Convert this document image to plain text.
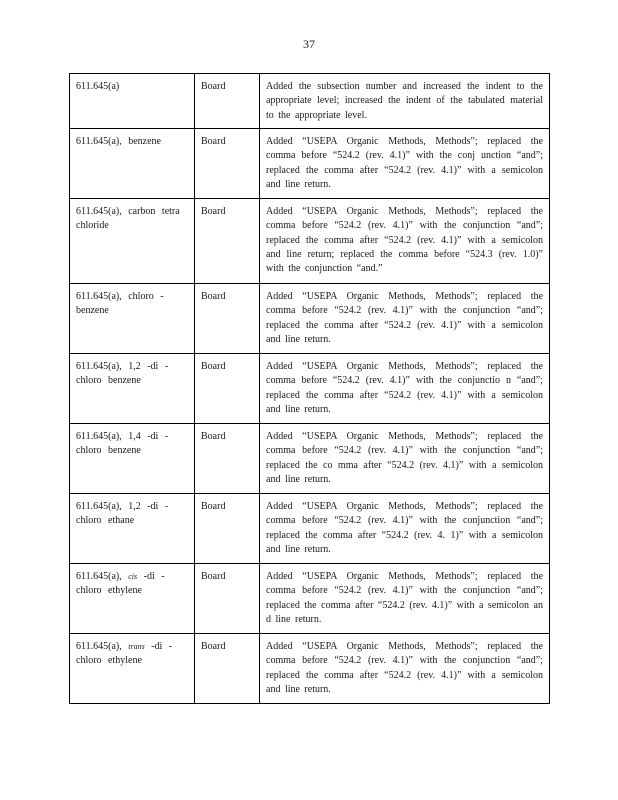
37
611.645(a)	Board	Added the subsection number and increased the indent to the appropriate level; increased the indent of the tabulated material to the appropriate level.
611.645(a), benzene	Board	Added “USEPA Organic Methods, Methods”; replaced the comma before “524.2 (rev. 4.1)” with the conj unction “and”; replaced the comma after “524.2 (rev. 4.1)” with a semicolon and line return.
611.645(a), carbon tetra chloride	Board	Added “USEPA Organic Methods, Methods”; replaced the comma before “524.2 (rev. 4.1)” with the conjunction “and”; replaced the comma after “524.2 (rev. 4.1)” with a semicolon and line return; replaced the comma before “524.3 (rev. 1.0)” with the conjunction “and.”
611.645(a), chloro - benzene	Board	Added “USEPA Organic Methods, Methods”; replaced the comma before “524.2 (rev. 4.1)” with the conjunction “and”; replaced the comma after “524.2 (rev. 4.1)” with a semicolon and line return.
611.645(a), 1,2 -di - chloro benzene	Board	Added “USEPA Organic Methods, Methods”; replaced the comma before “524.2 (rev. 4.1)” with the conjunctio n “and”; replaced the comma after “524.2 (rev. 4.1)” with a semicolon and line return.
611.645(a), 1,4 -di - chloro benzene	Board	Added “USEPA Organic Methods, Methods”; replaced the comma before “524.2 (rev. 4.1)” with the conjunction “and”; replaced the co mma after “524.2 (rev. 4.1)” with a semicolon and line return.
611.645(a), 1,2 -di - chloro ethane	Board	Added “USEPA Organic Methods, Methods”; replaced the comma before “524.2 (rev. 4.1)” with the conjunction “and”; replaced the comma after “524.2 (rev. 4. 1)” with a semicolon and line return.
611.645(a), cis -di - chloro ethylene	Board	Added “USEPA Organic Methods, Methods”; replaced the comma before “524.2 (rev. 4.1)” with the conjunction “and”; replaced the comma after “524.2 (rev. 4.1)” with a semicolon an d line return.
611.645(a), trans -di - chloro ethylene	Board	Added “USEPA Organic Methods, Methods”; replaced the comma before “524.2 (rev. 4.1)” with the conjunction “and”; replaced the comma after “524.2 (rev. 4.1)” with a semicolon and line return.
